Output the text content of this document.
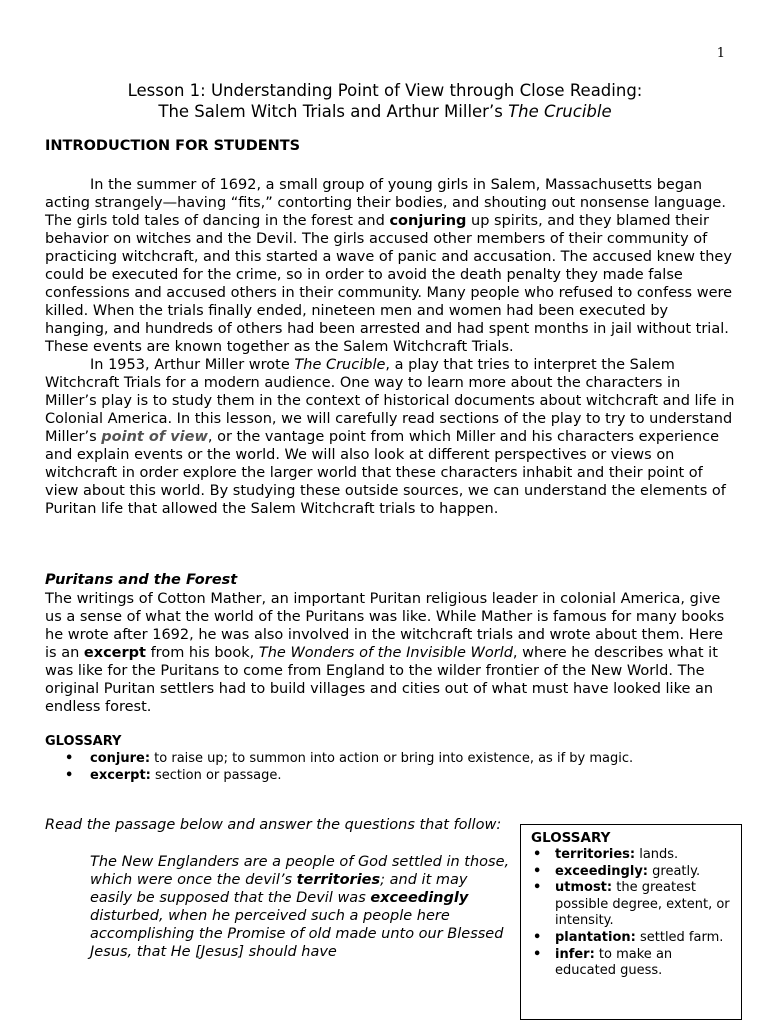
1
Lesson 1: Understanding Point of View through Close Reading:
The Salem Witch Trials and Arthur Miller’s The Crucible
INTRODUCTION FOR STUDENTS

In the summer of 1692, a small group of young girls in Salem, Massachusetts began acting strangely—having “fits,” contorting their bodies, and shouting out nonsense language. The girls told tales of dancing in the forest and conjuring up spirits, and they blamed their behavior on witches and the Devil. The girls accused other members of their community of practicing witchcraft, and this started a wave of panic and accusation. The accused knew they could be executed for the crime, so in order to avoid the death penalty they made false confessions and accused others in their community. Many people who refused to confess were killed. When the trials finally ended, nineteen men and women had been executed by hanging, and hundreds of others had been arrested and had spent months in jail without trial. These events are known together as the Salem Witchcraft Trials.

In 1953, Arthur Miller wrote The Crucible, a play that tries to interpret the Salem Witchcraft Trials for a modern audience. One way to learn more about the characters in Miller’s play is to study them in the context of historical documents about witchcraft and life in Colonial America. In this lesson, we will carefully read sections of the play to try to understand Miller’s point of view, or the vantage point from which Miller and his characters experience and explain events or the world. We will also look at different perspectives or views on witchcraft in order explore the larger world that these characters inhabit and their point of view about this world. By studying these outside sources, we can understand the elements of Puritan life that allowed the Salem Witchcraft trials to happen.

Puritans and the Forest

The writings of Cotton Mather, an important Puritan religious leader in colonial America, give us a sense of what the world of the Puritans was like. While Mather is famous for many books he wrote after 1692, he was also involved in the witchcraft trials and wrote about them. Here is an excerpt from his book, The Wonders of the Invisible World, where he describes what it was like for the Puritans to come from England to the wilder frontier of the New World. The original Puritan settlers had to build villages and cities out of what must have looked like an endless forest.

GLOSSARY
• conjure: to raise up; to summon into action or bring into existence, as if by magic.
• excerpt: section or passage.
Read the passage below and answer the questions that follow:
The New Englanders are a people of God settled in those, which were once the devil’s territories; and it may easily be supposed that the Devil was exceedingly disturbed, when he perceived such a people here accomplishing the Promise of old made unto our Blessed Jesus, that He [Jesus] should have
GLOSSARY
• territories: lands.
• exceedingly: greatly.
• utmost: the greatest possible degree, extent, or intensity.
• plantation: settled farm.
• infer: to make an educated guess.
